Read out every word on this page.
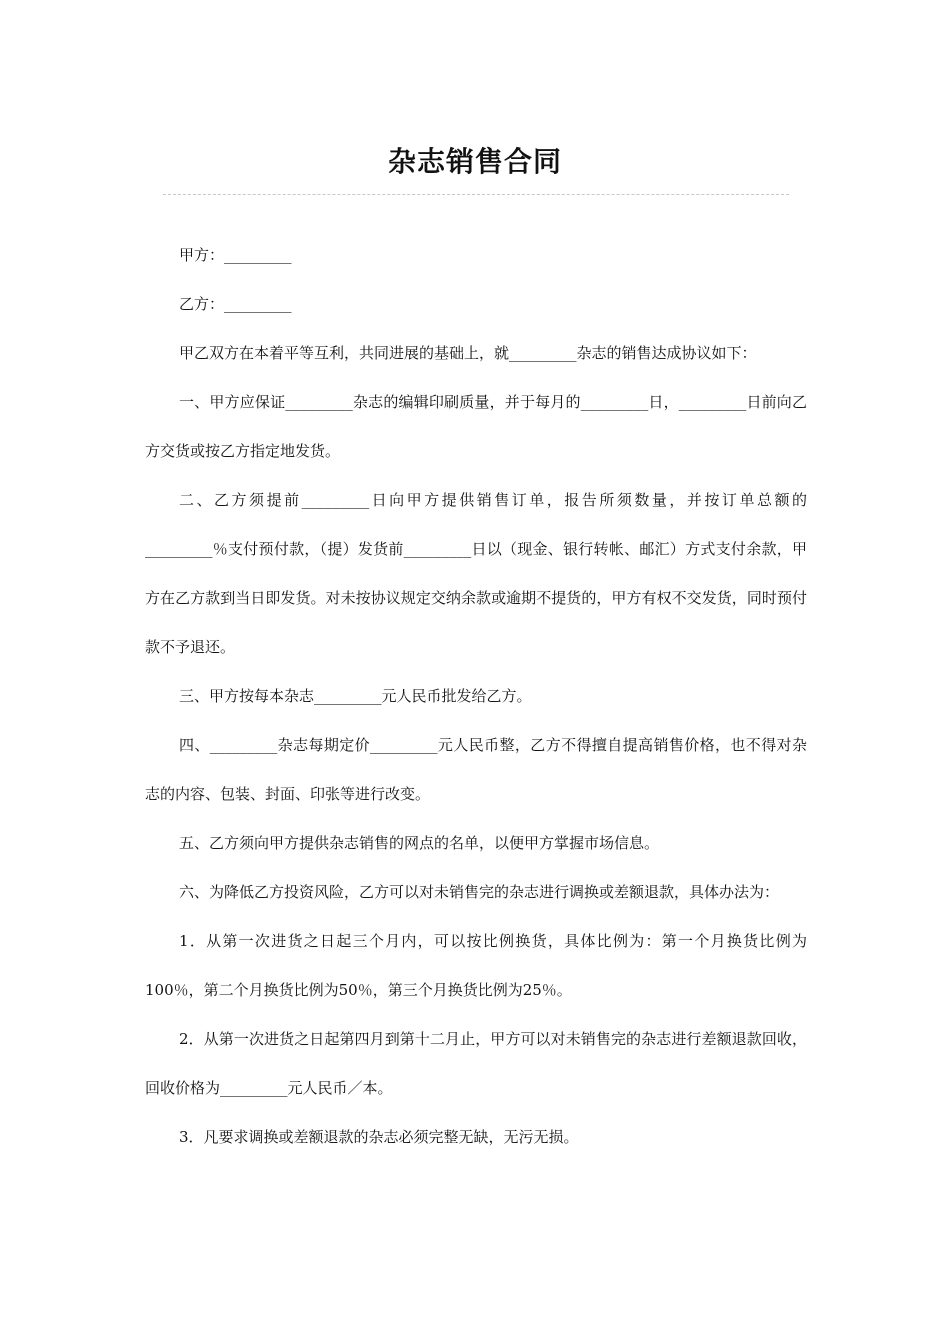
杂志销售合同

甲方：_________

乙方：_________

甲乙双方在本着平等互利，共同进展的基础上，就_________杂志的销售达成协议如下：

一、甲方应保证_________杂志的编辑印刷质量，并于每月的_________日，_________日前向乙方交货或按乙方指定地发货。

二、乙方须提前_________日向甲方提供销售订单，报告所须数量，并按订单总额的_________％支付预付款，（提）发货前_________日以（现金、银行转帐、邮汇）方式支付余款，甲方在乙方款到当日即发货。对未按协议规定交纳余款或逾期不提货的，甲方有权不交发货，同时预付款不予退还。

三、甲方按每本杂志_________元人民币批发给乙方。

四、_________杂志每期定价_________元人民币整，乙方不得擅自提高销售价格，也不得对杂志的内容、包装、封面、印张等进行改变。

五、乙方须向甲方提供杂志销售的网点的名单，以便甲方掌握市场信息。

六、为降低乙方投资风险，乙方可以对未销售完的杂志进行调换或差额退款，具体办法为：

1．从第一次进货之日起三个月内，可以按比例换货，具体比例为：第一个月换货比例为100％，第二个月换货比例为50％，第三个月换货比例为25％。

2．从第一次进货之日起第四月到第十二月止，甲方可以对未销售完的杂志进行差额退款回收，回收价格为_________元人民币／本。

3．凡要求调换或差额退款的杂志必须完整无缺，无污无损。
